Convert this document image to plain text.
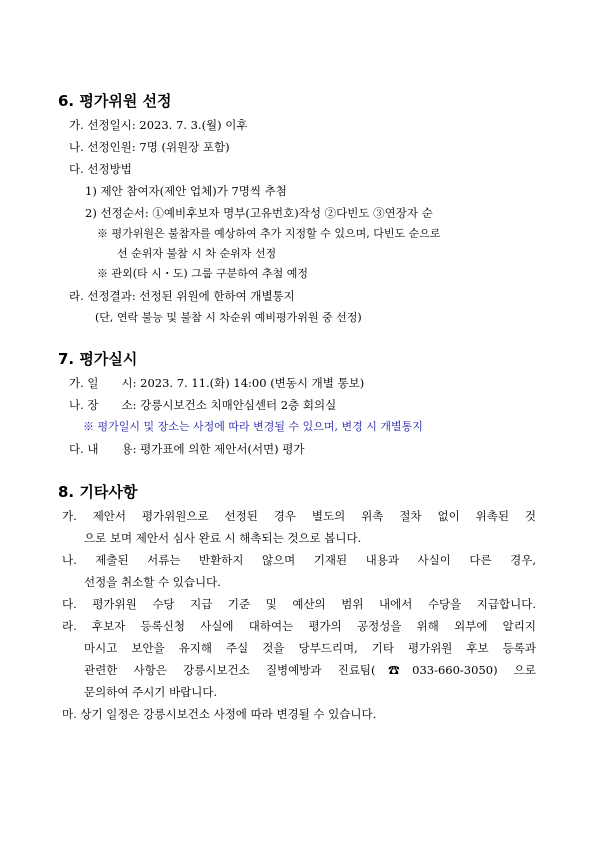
6. 평가위원 선정
가. 선정일시: 2023. 7. 3.(월) 이후
나. 선정인원: 7명 (위원장 포함)
다. 선정방법
1) 제안 참여자(제안 업체)가 7명씩 추첨
2) 선정순서: ①예비후보자 명부(고유번호)작성 ②다빈도 ③연장자 순
※ 평가위원은 불참자를 예상하여 추가 지정할 수 있으며, 다빈도 순으로
선 순위자 불참 시 차 순위자 선정
※ 관외(타 시・도) 그룹 구분하여 추첨 예정
라. 선정결과: 선정된 위원에 한하여 개별통지
(단, 연락 불능 및 불참 시 차순위 예비평가위원 중 선정)
7. 평가실시
가. 일　　시: 2023. 7. 11.(화) 14:00 (변동시 개별 통보)
나. 장　　소: 강릉시보건소 치매안심센터 2층 회의실
※ 평가일시 및 장소는 사정에 따라 변경될 수 있으며, 변경 시 개별통지
다. 내　　용: 평가표에 의한 제안서(서면) 평가
8. 기타사항
가. 제안서 평가위원으로 선정된 경우 별도의 위촉 절차 없이 위촉된 것
으로 보며 제안서 심사 완료 시 해촉되는 것으로 봅니다.
나. 제출된 서류는 반환하지 않으며 기재된 내용과 사실이 다른 경우,
선정을 취소할 수 있습니다.
다. 평가위원 수당 지급 기준 및 예산의 범위 내에서 수당을 지급합니다.
라. 후보자 등록신청 사실에 대하여는 평가의 공정성을 위해 외부에 알리지
마시고 보안을 유지해 주실 것을 당부드리며, 기타 평가위원 후보 등록과
관련한 사항은 강릉시보건소 질병예방과 진료팀(☎033-660-3050) 으로
문의하여 주시기 바랍니다.
마. 상기 일정은 강릉시보건소 사정에 따라 변경될 수 있습니다.
